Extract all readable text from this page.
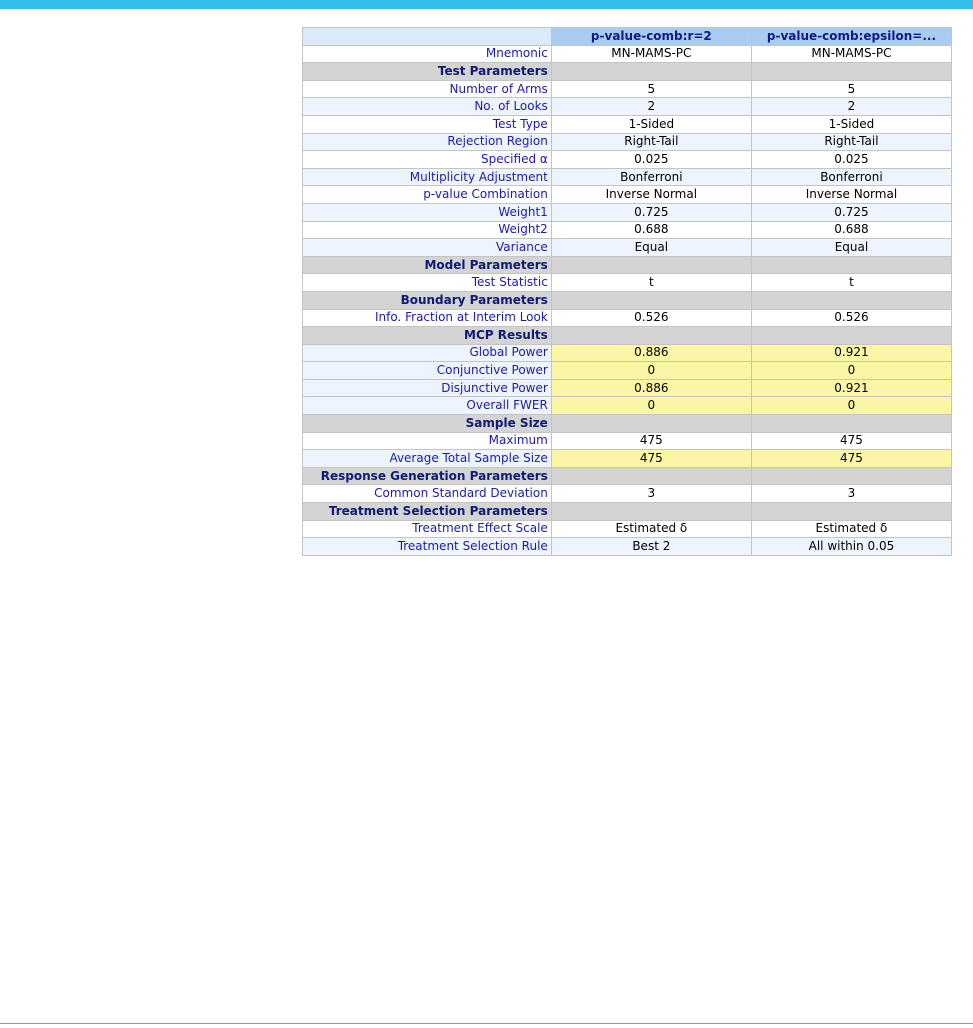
	p-value-comb:r=2	p-value-comb:epsilon=...
Mnemonic	MN-MAMS-PC	MN-MAMS-PC
Test Parameters		
Number of Arms	5	5
No. of Looks	2	2
Test Type	1-Sided	1-Sided
Rejection Region	Right-Tail	Right-Tail
Specified α	0.025	0.025
Multiplicity Adjustment	Bonferroni	Bonferroni
p-value Combination	Inverse Normal	Inverse Normal
Weight1	0.725	0.725
Weight2	0.688	0.688
Variance	Equal	Equal
Model Parameters		
Test Statistic	t	t
Boundary Parameters		
Info. Fraction at Interim Look	0.526	0.526
MCP Results		
Global Power	0.886	0.921
Conjunctive Power	0	0
Disjunctive Power	0.886	0.921
Overall FWER	0	0
Sample Size		
Maximum	475	475
Average Total Sample Size	475	475
Response Generation Parameters		
Common Standard Deviation	3	3
Treatment Selection Parameters		
Treatment Effect Scale	Estimated δ	Estimated δ
Treatment Selection Rule	Best 2	All within 0.05
